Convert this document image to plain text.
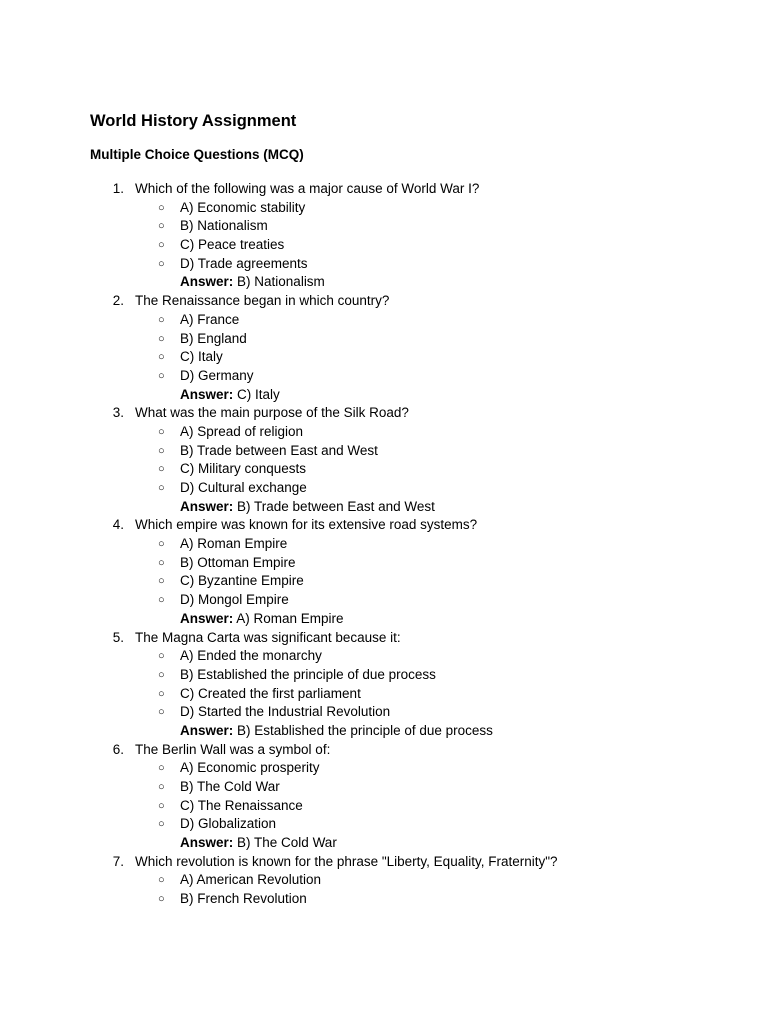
World History Assignment
Multiple Choice Questions (MCQ)
1. Which of the following was a major cause of World War I?
○ A) Economic stability
○ B) Nationalism
○ C) Peace treaties
○ D) Trade agreements
Answer: B) Nationalism
2. The Renaissance began in which country?
○ A) France
○ B) England
○ C) Italy
○ D) Germany
Answer: C) Italy
3. What was the main purpose of the Silk Road?
○ A) Spread of religion
○ B) Trade between East and West
○ C) Military conquests
○ D) Cultural exchange
Answer: B) Trade between East and West
4. Which empire was known for its extensive road systems?
○ A) Roman Empire
○ B) Ottoman Empire
○ C) Byzantine Empire
○ D) Mongol Empire
Answer: A) Roman Empire
5. The Magna Carta was significant because it:
○ A) Ended the monarchy
○ B) Established the principle of due process
○ C) Created the first parliament
○ D) Started the Industrial Revolution
Answer: B) Established the principle of due process
6. The Berlin Wall was a symbol of:
○ A) Economic prosperity
○ B) The Cold War
○ C) The Renaissance
○ D) Globalization
Answer: B) The Cold War
7. Which revolution is known for the phrase "Liberty, Equality, Fraternity"?
○ A) American Revolution
○ B) French Revolution
